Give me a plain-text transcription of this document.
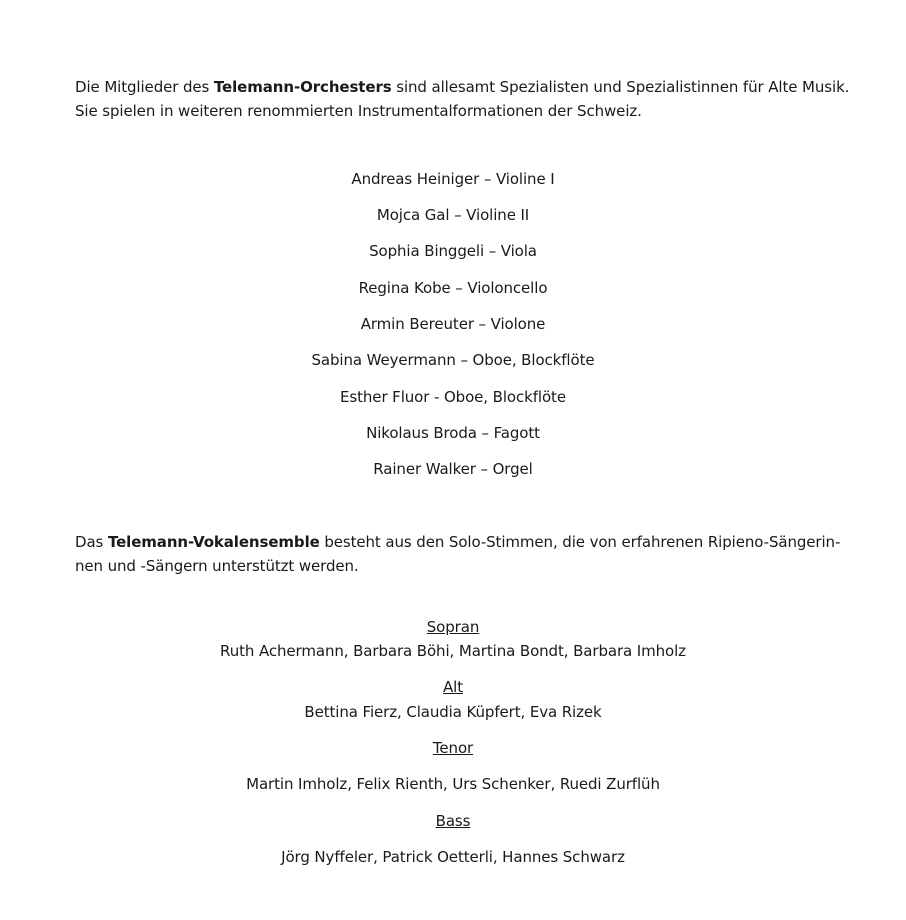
Die Mitglieder des Telemann-Orchesters sind allesamt Spezialisten und Spezialistinnen für Alte Musik.
Sie spielen in weiteren renommierten Instrumentalformationen der Schweiz.
Andreas Heiniger – Violine I
Mojca Gal – Violine II
Sophia Binggeli – Viola
Regina Kobe – Violoncello
Armin Bereuter – Violone
Sabina Weyermann – Oboe, Blockflöte
Esther Fluor - Oboe, Blockflöte
Nikolaus Broda – Fagott
Rainer Walker – Orgel
Das Telemann-Vokalensemble besteht aus den Solo-Stimmen, die von erfahrenen Ripieno-Sängerin-
nen und -Sängern unterstützt werden.
Sopran
Ruth Achermann, Barbara Böhi, Martina Bondt, Barbara Imholz
Alt
Bettina Fierz, Claudia Küpfert, Eva Rizek
Tenor
Martin Imholz, Felix Rienth, Urs Schenker, Ruedi Zurflüh
Bass
Jörg Nyffeler, Patrick Oetterli, Hannes Schwarz
